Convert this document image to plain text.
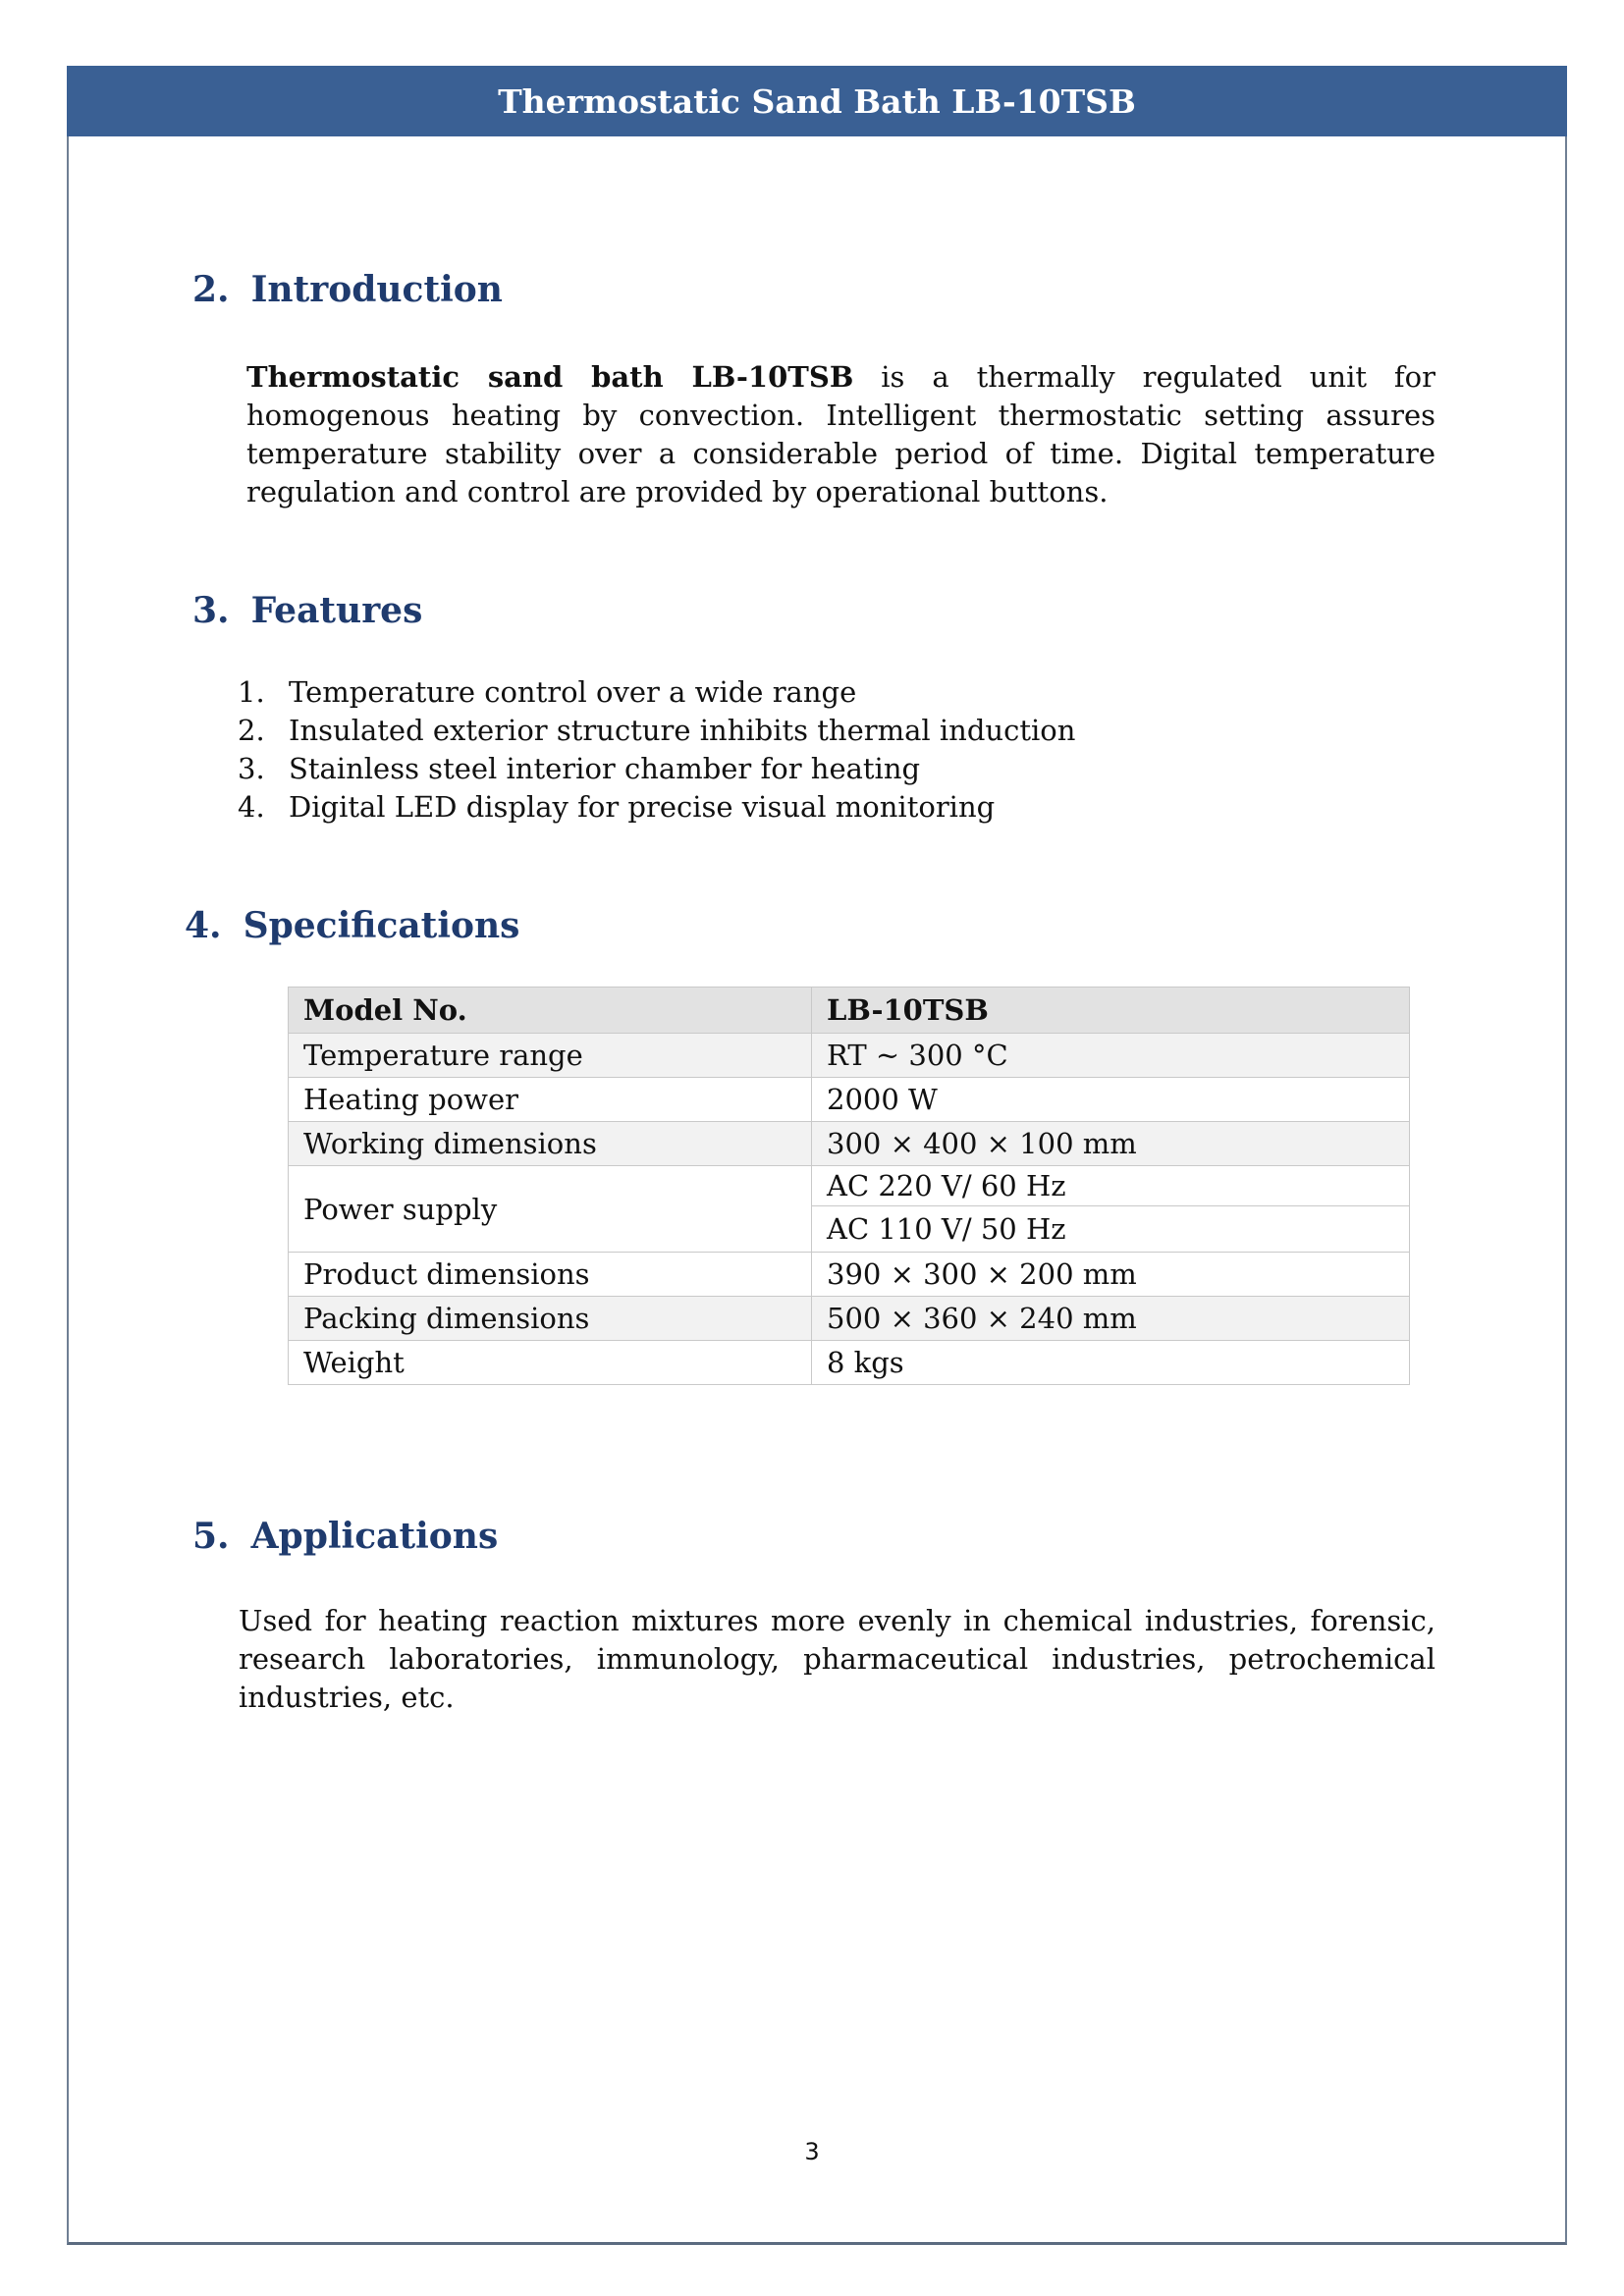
Thermostatic Sand Bath LB-10TSB
2. Introduction

Thermostatic sand bath LB-10TSB is a thermally regulated unit for homogenous heating by convection. Intelligent thermostatic setting assures temperature stability over a considerable period of time. Digital temperature regulation and control are provided by operational buttons.

3. Features
1. Temperature control over a wide range
2. Insulated exterior structure inhibits thermal induction
3. Stainless steel interior chamber for heating
4. Digital LED display for precise visual monitoring
4. Specifications
Model No.	LB-10TSB
Temperature range	RT ~ 300 °C
Heating power	2000 W
Working dimensions	300 × 400 × 100 mm
Power supply	AC 220 V/ 60 Hz
	AC 110 V/ 50 Hz
Product dimensions	390 × 300 × 200 mm
Packing dimensions	500 × 360 × 240 mm
Weight	8 kgs
5. Applications

Used for heating reaction mixtures more evenly in chemical industries, forensic, research laboratories, immunology, pharmaceutical industries, petrochemical industries, etc.

3
